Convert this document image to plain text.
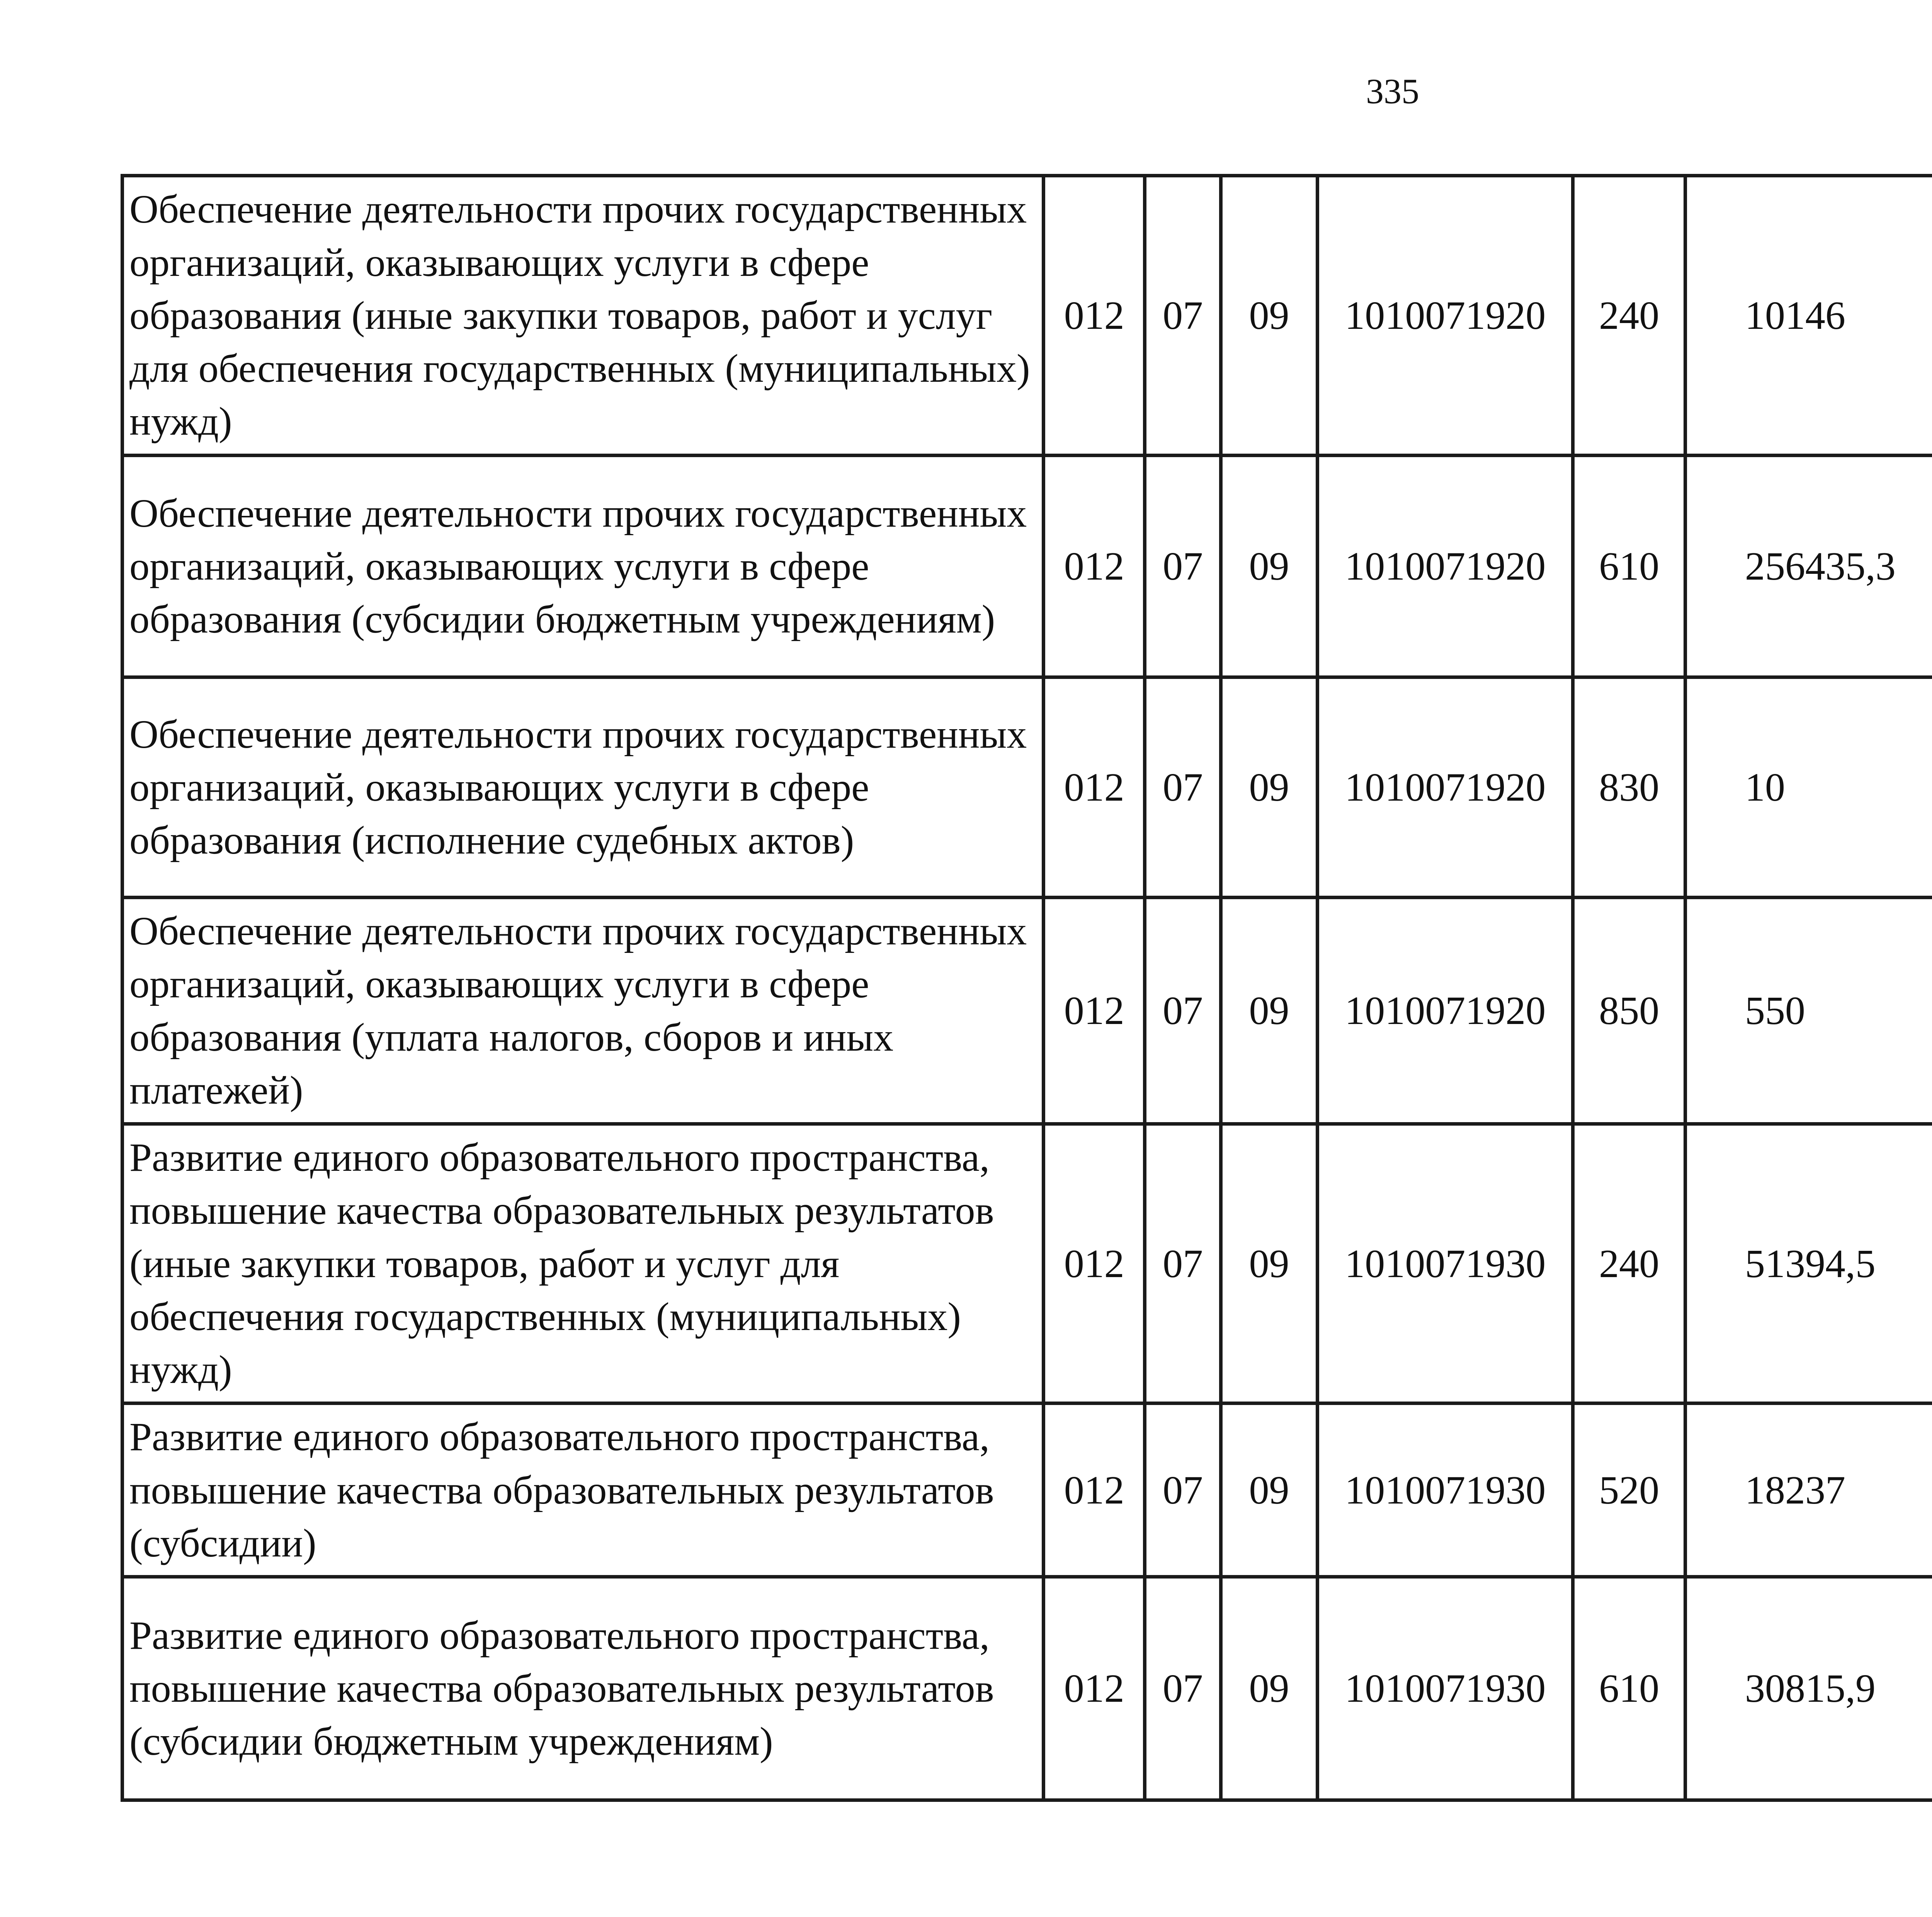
335
Обеспечение деятельности прочих государственных организаций, оказывающих услуги в сфере образования (иные закупки товаров, работ и услуг для обеспечения государственных (муниципальных) нужд)	012	07	09	1010071920	240	10146		
Обеспечение деятельности прочих государственных организаций, оказывающих услуги в сфере образования (субсидии бюджетным учреждениям)	012	07	09	1010071920	610	256435,3		
Обеспечение деятельности прочих государственных организаций, оказывающих услуги в сфере образования (исполнение судебных актов)	012	07	09	1010071920	830	10		
Обеспечение деятельности прочих государственных организаций, оказывающих услуги в сфере образования (уплата налогов, сборов и иных платежей)	012	07	09	1010071920	850	550		
Развитие единого образовательного пространства, повышение качества образовательных результатов (иные закупки товаров, работ и услуг для обеспечения государственных (муниципальных) нужд)	012	07	09	1010071930	240	51394,5		
Развитие единого образовательного пространства, повышение качества образовательных результатов (субсидии)	012	07	09	1010071930	520	18237		
Развитие единого образовательного пространства, повышение качества образовательных результатов (субсидии бюджетным учреждениям)	012	07	09	1010071930	610	30815,9		
